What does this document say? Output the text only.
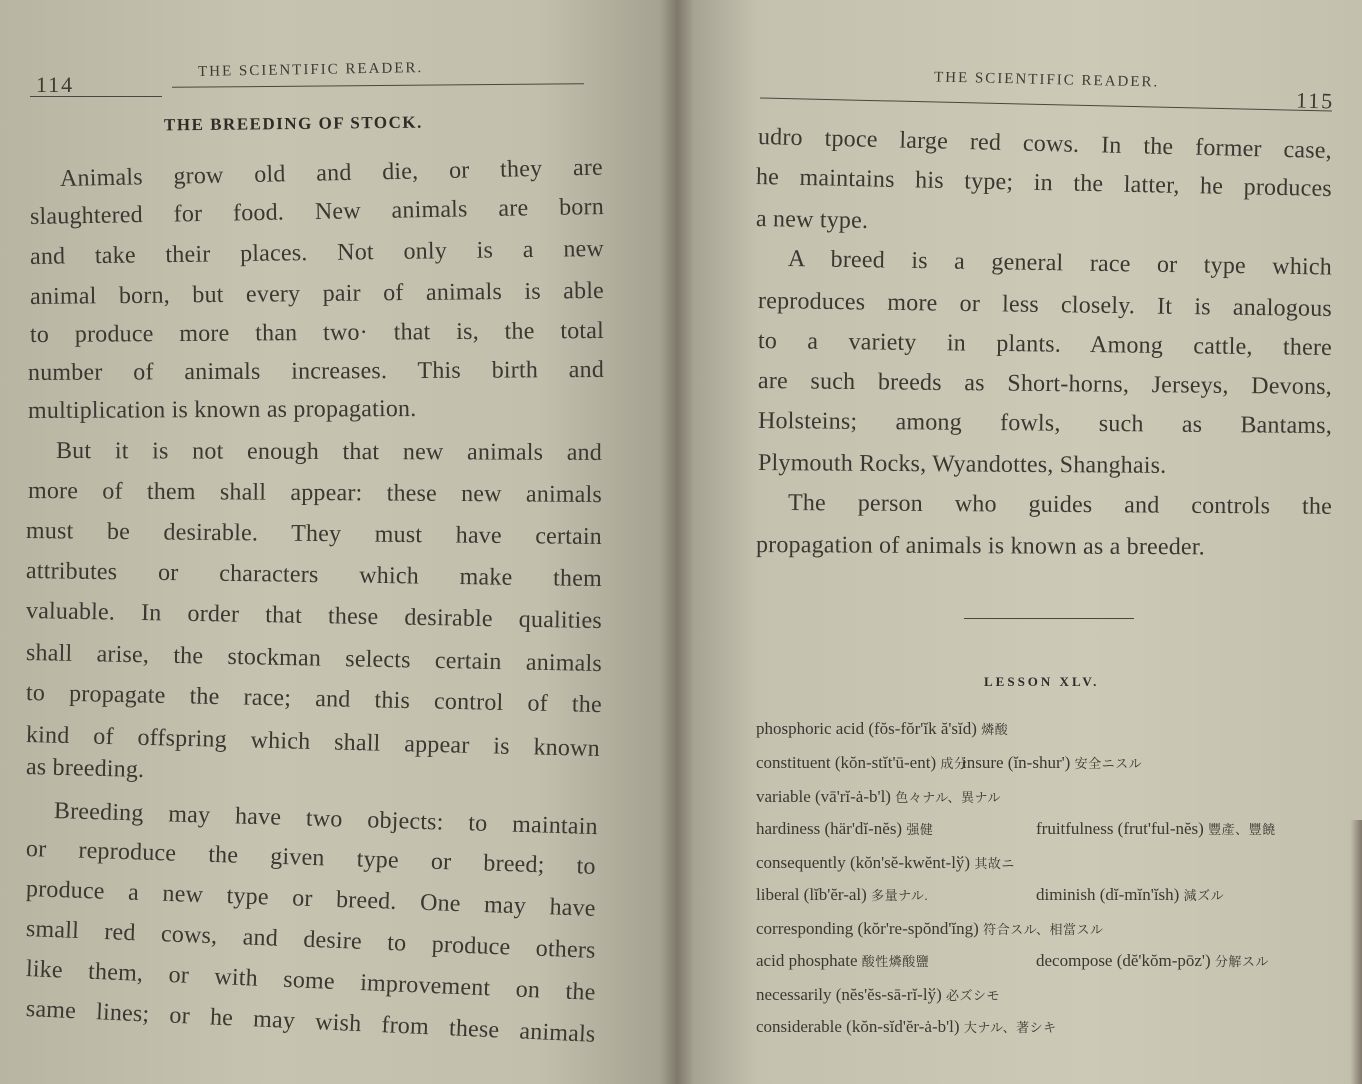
114
THE SCIENTIFIC READER.
THE BREEDING OF STOCK.
Animals grow old and die, or they are
slaughtered for food. New animals are born
and take their places. Not only is a new
animal born, but every pair of animals is able
to produce more than two· that is, the total
number of animals increases. This birth and
multiplication is known as propagation.
But it is not enough that new animals and
more of them shall appear: these new animals
must be desirable. They must have certain
attributes or characters which make them
valuable. In order that these desirable qualities
shall arise, the stockman selects certain animals
to propagate the race; and this control of the
kind of offspring which shall appear is known
as breeding.
Breeding may have two objects: to maintain
or reproduce the given type or breed; to
produce a new type or breed. One may have
small red cows, and desire to produce others
like them, or with some improvement on the
same lines; or he may wish from these animals
THE SCIENTIFIC READER.
115
udro tpoce large red cows. In the former case,
he maintains his type; in the latter, he produces
a new type.
A breed is a general race or type which
reproduces more or less closely. It is analogous
to a variety in plants. Among cattle, there
are such breeds as Short-horns, Jerseys, Devons,
Holsteins; among fowls, such as Bantams,
Plymouth Rocks, Wyandottes, Shanghais.
The person who guides and controls the
propagation of animals is known as a breeder.
LESSON XLV.
phosphoric acid (fŏs-fŏr'ĭk ă'sĭd) 燐酸
constituent (kŏn-stĭt'ū-ent) 成分
insure (ĭn-shur') 安全ニスル
variable (vā'rĭ-ȧ-b'l) 色々ナル、異ナル
hardiness (här'dĭ-nĕs) 强健	fruitfulness (frut'ful-nĕs) 豐產、豐饒
consequently (kŏn'sĕ-kwĕnt-lў) 其故ニ
liberal (lĭb'ĕr-al) 多量ナル.	diminish (dĭ-mĭn'ĭsh) 減ズル
corresponding (kŏr're-spŏnd'ĭng) 符合スル、相當スル
acid phosphate 酸性燐酸鹽	decompose (dĕ'kŏm-pōz') 分解スル
necessarily (nĕs'ĕs-sā-rĭ-lў) 必ズシモ
considerable (kŏn-sĭd'ĕr-ȧ-b'l) 大ナル、著シキ
